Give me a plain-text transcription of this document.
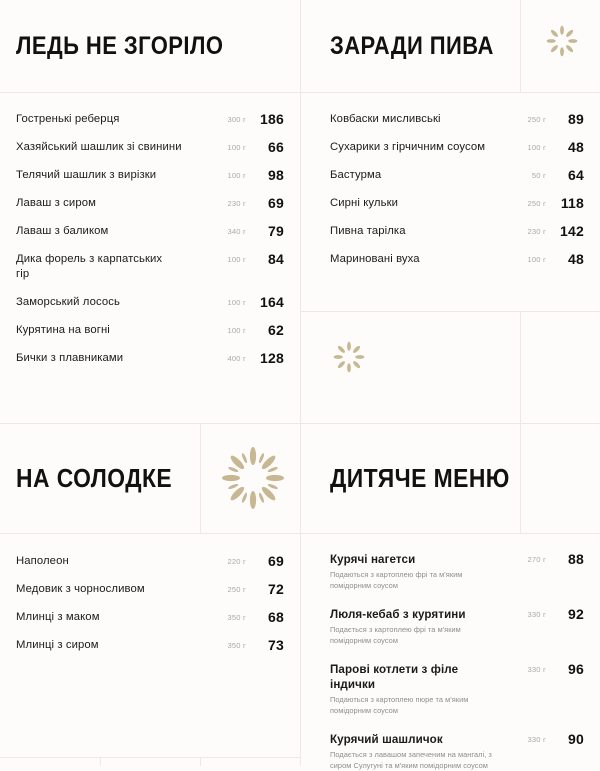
ЛЕДЬ НЕ ЗГОРІЛО
Гостренькі реберця	300 г	186
Хазяйський шашлик зі свинини	100 г	66
Телячий шашлик з вирізки	100 г	98
Лаваш з сиром	230 г	69
Лаваш з баликом	340 г	79
Дика форель з карпатських гір
100 г	84
Заморський лосось	100 г	164
Курятина на вогні	100 г	62
Бички з плавниками	400 г	128
ЗАРАДИ ПИВА
Ковбаски мисливські	250 г	89
Сухарики з гірчичним соусом	100 г	48
Бастурма	50 г	64
Сирні кульки	250 г	118
Пивна тарілка	230 г	142
Мариновані вуха	100 г	48
НА СОЛОДКЕ
Наполеон	220 г	69
Медовик з чорносливом	250 г	72
Млинці з маком	350 г	68
Млинці з сиром	350 г	73
ДИТЯЧЕ МЕНЮ
Курячі нагетси
Подаються з картоплею фрі та м'яким помідорним соусом
270 г	88
Люля-кебаб з курятини
Подається з картоплею фрі та м'яким помідорним соусом
330 г	92
Парові котлети з філе індички
Подаються з картоплею пюре та м'яким помідорним соусом
330 г	96
Курячий шашличок
Подається з лавашом запеченим на мангалі, з сиром Сулугуні та м'яким помідорним соусом
330 г	90
